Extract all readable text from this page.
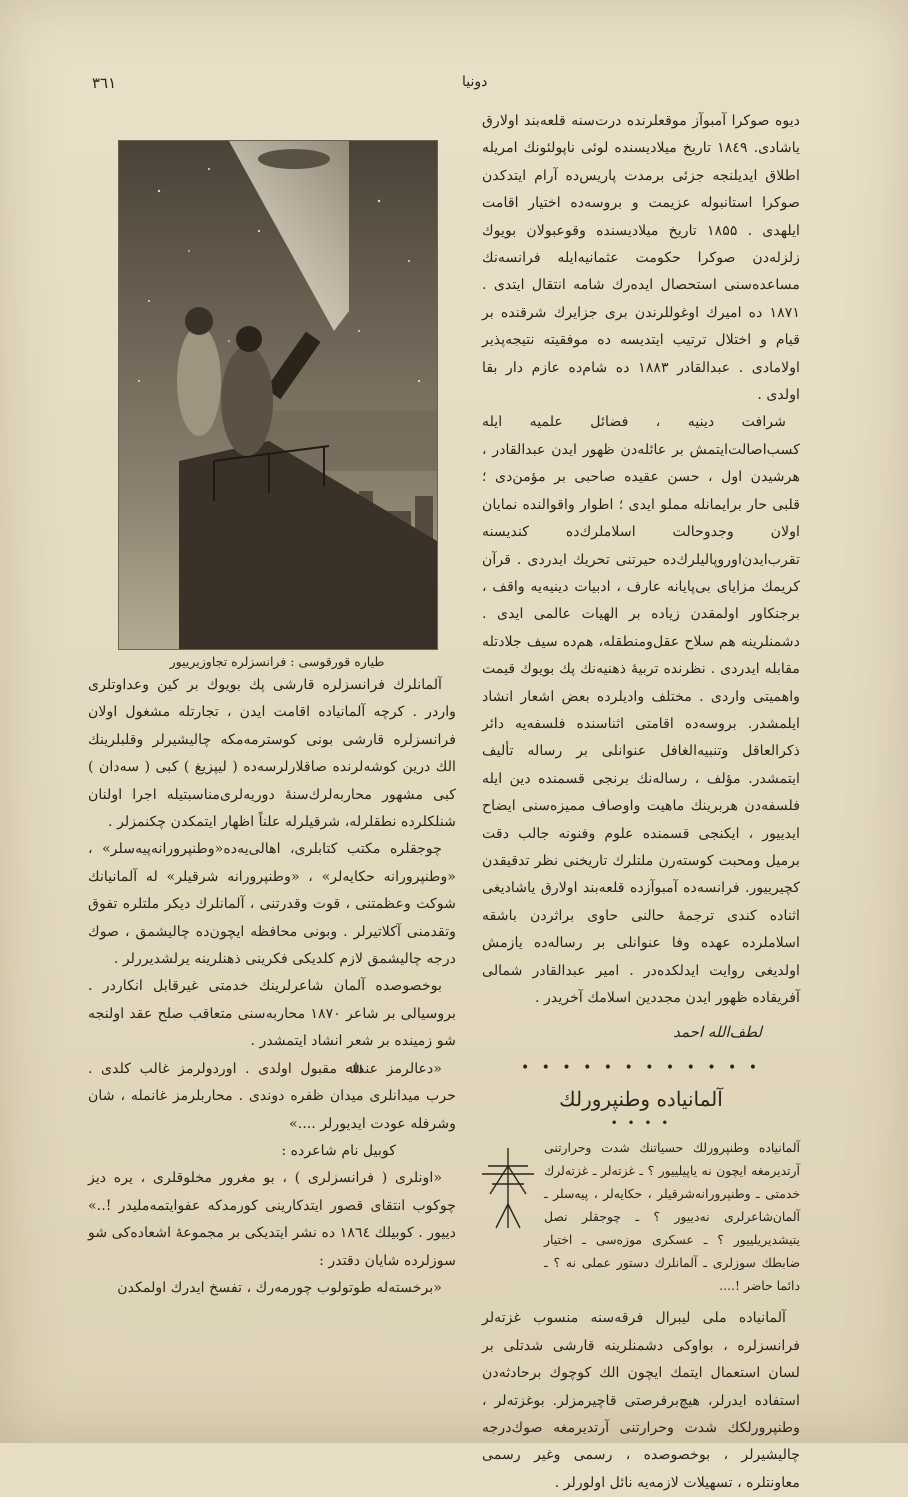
٣٦١	دونیا
طیاره قورقوسی : فرانسزلره تجاوزیرییور

دیوه صوکرا آمبوآز موقعلرنده درت‌سنه قلعه‌بند اولارق یاشادی. ۱۸٤۹ تاریخ میلادیسنده لوئی ناپولئونك امریله اطلاق ایدیلنجه جزئی برمدت پاریس‌ده آرام ایتدکدن صوکرا استانبوله عزیمت و بروسه‌ده اختیار اقامت ایلهدی . ۱۸۵۵ تاریخ میلادیسنده وقوعبولان بویوك زلزله‌دن صوکرا حکومت عثمانیه‌ایله فرانسه‌نك مساعده‌سنی استحصال ایده‌رك شامه انتقال ایتدی . ۱۸۷۱ ده امیرك اوغوللرندن بری جزایرك شرقنده بر قیام و اختلال ترتیب ایتدیسه ده موفقیته نتیجه‌پذیر اولامادی . عبدالقادر ۱۸۸۳ ده شام‌ده عازم دار بقا اولدی .

شرافت دینیه ، فضائل علمیه ایله کسب‌اصالت‌ایتمش بر عائله‌دن ظهور ایدن عبدالقادر ، هرشیدن اول ، حسن عقیده صاحبی بر مؤمن‌دی ؛ قلبی حار برایمانله مملو ایدی ؛ اطوار واقوالنده نمایان اولان وجدوحالت اسلاملرك‌ده کندیسنه تقرب‌ایدن‌اوروپالیلرك‌ده حیرتنی تحریك ایدردی . قرآن کریمك مزایای بی‌پایانه عارف ، ادبیات دینیه‌یه واقف ، برجنکاور اولمقدن زیاده بر الهیات عالمی ایدی . دشمنلرینه هم سلاح عقل‌ومنطقله، هم‌ده سیف جلادتله مقابله ایدردی . نظرنده تربیهٔ ذهنیه‌نك پك بویوك قیمت واهمیتی واردی . مختلف وادیلرده بعض اشعار انشاد ایلمشدر. بروسه‌ده اقامتی اثناسنده فلسفه‌یه دائر ذکرالعاقل وتنبیه‌الغافل عنوانلی بر رساله تألیف ایتمشدر. مؤلف ، رساله‌نك برنجی قسمنده دین ایله فلسفه‌دن هربرینك ماهیت واوصاف ممیزه‌سنی ایضاح ایدییور ، ایکنجی قسمنده علوم وفنونه جالب دقت برمیل ومحبت کوسته‌رن ملتلرك تاریخنی نظر تدقیقدن کچیرییور. فرانسه‌ده آمبوآزده قلعه‌بند اولارق یاشادیغی اثناده کندی ترجمهٔ حالنی حاوی براثردن باشقه اسلاملرده عهده وفا عنوانلی بر رساله‌ده یازمش اولدیغی روایت ایدلکده‌در . امیر عبدالقادر شمالی آفریقاده ظهور ایدن مجددین اسلامك آخریدر .

لطف‌الله احمد
• • • • • • • • • • • •
آلمانیاده وطنپرورلك
• • • •

آلمانیاده وطنپرورلك حسیاتنك شدت وحرارتنی آرتدیرمغه ایچون نه یاپیلییور ؟ ـ غزته‌لر ـ غزته‌لرك خدمتی ـ وطنپرورانه‌شرقیلر ، حکایه‌لر ، پیه‌سلر ـ آلمان‌شاعرلری نه‌دییور ؟ ـ چوجقلر نصل یتیشدیریلییور ؟ ـ عسکری موزه‌سی ـ اختیار ضابطك سوزلری ـ آلمانلرك دستور عملی نه ؟ ـ دائما حاضر !....

آلمانیاده ملی لیبرال فرقه‌سنه منسوب غزته‌لر فرانسزلره ، بواوکی دشمنلرینه قارشی شدتلی بر لسان استعمال ایتمك ایچون الك کوچوك برحادثه‌دن استفاده ایدرلر، هیچ‌برفرصتی قاچیرمزلر. بوغزته‌لر ، وطنپرورلکك شدت وحرارتنی آرتدیرمغه صوك‌درجه چالیشیرلر ، بوخصوصده ، رسمی وغیر رسمی معاونتلره ، تسهیلات لازمه‌یه نائل اولورلر .

آلمانلرك فرانسزلره قارشی پك بویوك بر کین وعداوتلری واردر . کرچه آلمانیاده اقامت ایدن ، تجارتله مشغول اولان فرانسزلره قارشی بونی کوسترمه‌مکه چالیشیرلر وقلبلرینك الك درین کوشه‌لرنده صاقلارلرسه‌ده ( لیپزیغ ) کبی ( سه‌دان ) کبی مشهور محاربه‌لرك‌سنهٔ دوریه‌لری‌مناسبتیله اجرا اولنان شنلکلرده نطقلرله، شرقیلرله علناً اظهار ایتمکدن چکنمزلر .

چوجقلره مکتب کتابلری، اهالی‌یه‌ده‌«وطنپرورانه‌پیه‌سلر» ، «وطنپرورانه حکایه‌لر» ، «وطنپرورانه شرقیلر» له آلمانیانك شوکت وعظمتنی ، قوت وقدرتنی ، آلمانلرك دیکر ملتلره تفوق وتقدمنی آکلاتیرلر . وبونی محافظه ایچون‌ده چالیشمق ، صوك درجه چالیشمق لازم کلدیکی فکرینی ذهنلرینه یرلشدیررلر .

بوخصوصده آلمان شاعرلرینك خدمتی غیرقابل انکاردر . بروسیالی بر شاعر ۱۸۷۰ محاربه‌سنی متعاقب صلح عقد اولنجه شو زمینده بر شعر انشاد ایتمشدر .

«دعالرمز عنداﷲ مقبول اولدی . اوردولرمز غالب کلدی . حرب میدانلری میدان ظفره دوندی . محاربلرمز غانمله ، شان وشرفله عودت ایدیورلر ....»

کوبیل نام شاعرده :

«اونلری ( فرانسزلری ) ، بو مغرور مخلوقلری ، یره دیز چوکوب انتقای قصور ایتدکارینی کورمدکه عفوایتمه‌ملیدر !..» دییور . کوبیلك ۱۸٦٤ ده نشر ایتدیکی بر مجموعهٔ اشعاده‌کی شو سوزلرده شایان دقتدر :

«برخسته‌له طوتولوب چورمه‌رك ، تفسخ ایدرك اولمکدن
